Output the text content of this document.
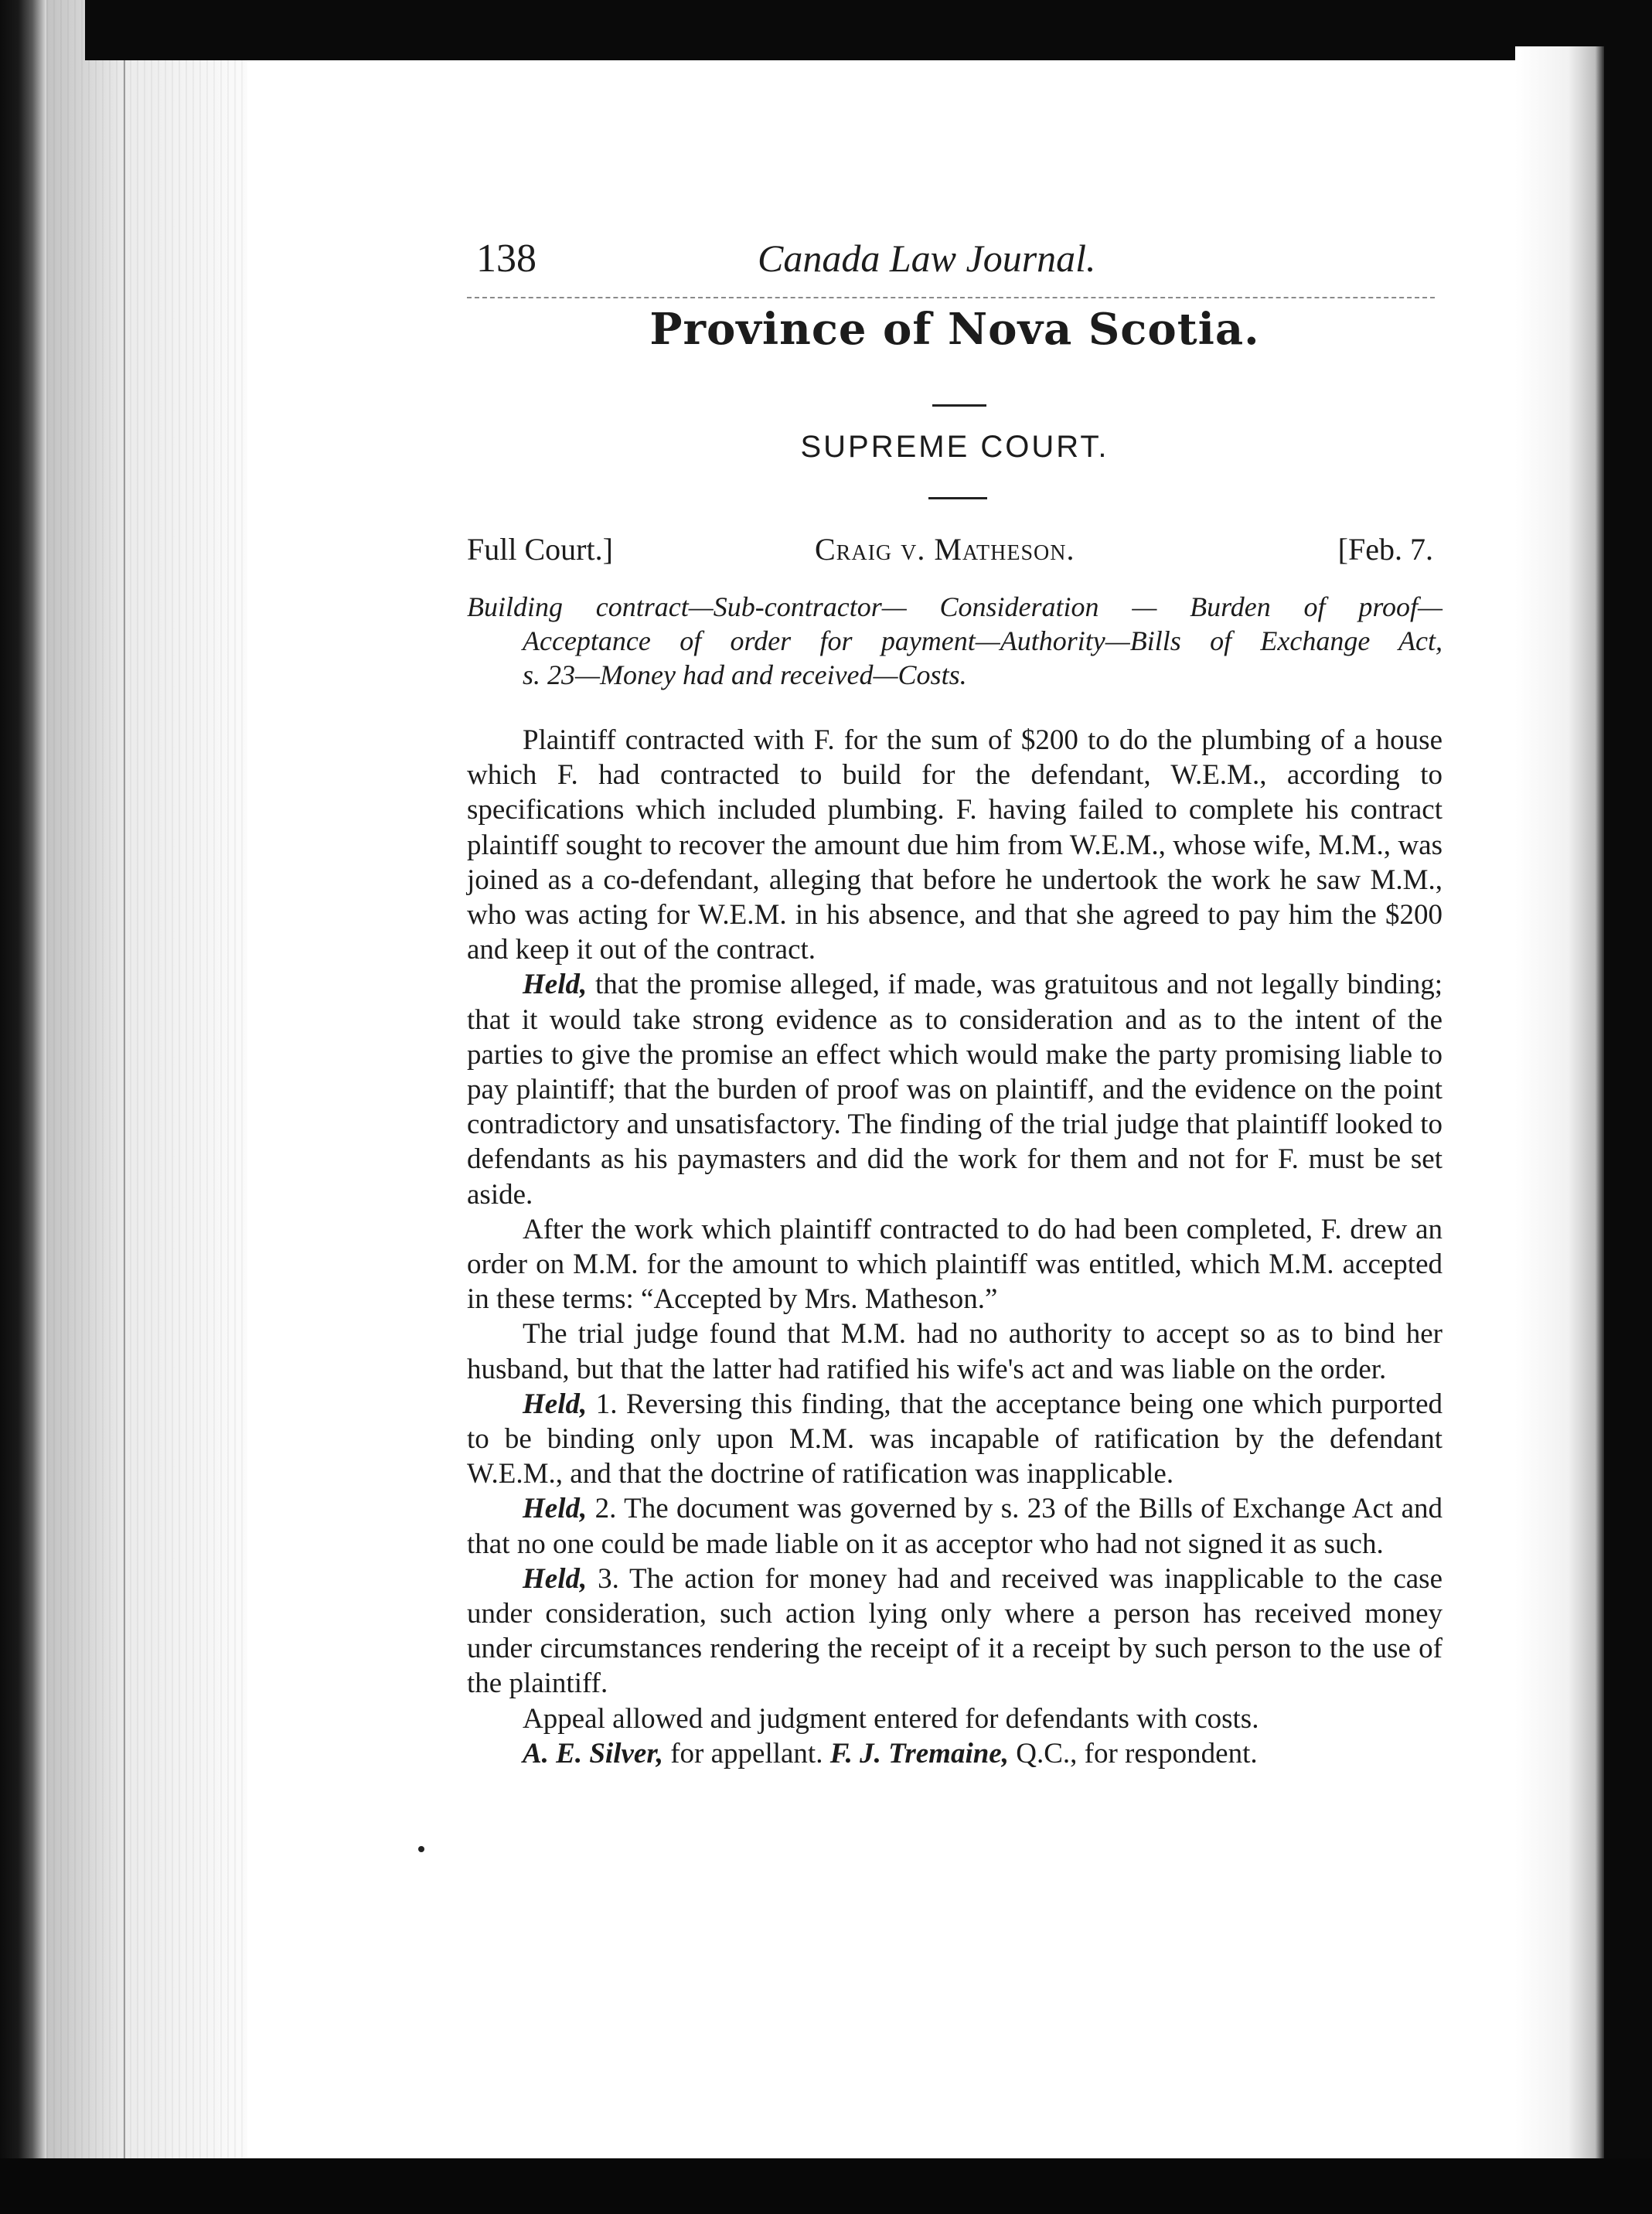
138	Canada Law Journal.
Province of Nova Scotia.
SUPREME COURT.
Full Court.]	Craig v. Matheson.	[Feb. 7.
Building contract—Sub-contractor— Consideration — Burden of proof—
Acceptance of order for payment—Authority—Bills of Exchange Act,
s. 23—Money had and received—Costs.

Plaintiff contracted with F. for the sum of $200 to do the plumbing of a house which F. had contracted to build for the defendant, W.E.M., according to specifications which included plumbing. F. having failed to complete his contract plaintiff sought to recover the amount due him from W.E.M., whose wife, M.M., was joined as a co-defendant, alleging that before he undertook the work he saw M.M., who was acting for W.E.M. in his absence, and that she agreed to pay him the $200 and keep it out of the contract.

Held, that the promise alleged, if made, was gratuitous and not legally binding; that it would take strong evidence as to consideration and as to the intent of the parties to give the promise an effect which would make the party promising liable to pay plaintiff; that the burden of proof was on plaintiff, and the evidence on the point contradictory and unsatisfactory. The finding of the trial judge that plaintiff looked to defendants as his paymasters and did the work for them and not for F. must be set aside.

After the work which plaintiff contracted to do had been completed, F. drew an order on M.M. for the amount to which plaintiff was entitled, which M.M. accepted in these terms: “Accepted by Mrs. Matheson.”

The trial judge found that M.M. had no authority to accept so as to bind her husband, but that the latter had ratified his wife's act and was liable on the order.

Held, 1. Reversing this finding, that the acceptance being one which purported to be binding only upon M.M. was incapable of ratification by the defendant W.E.M., and that the doctrine of ratification was inapplicable.

Held, 2. The document was governed by s. 23 of the Bills of Exchange Act and that no one could be made liable on it as acceptor who had not signed it as such.

Held, 3. The action for money had and received was inapplicable to the case under consideration, such action lying only where a person has received money under circumstances rendering the receipt of it a receipt by such person to the use of the plaintiff.

Appeal allowed and judgment entered for defendants with costs.

A. E. Silver, for appellant. F. J. Tremaine, Q.C., for respondent.
